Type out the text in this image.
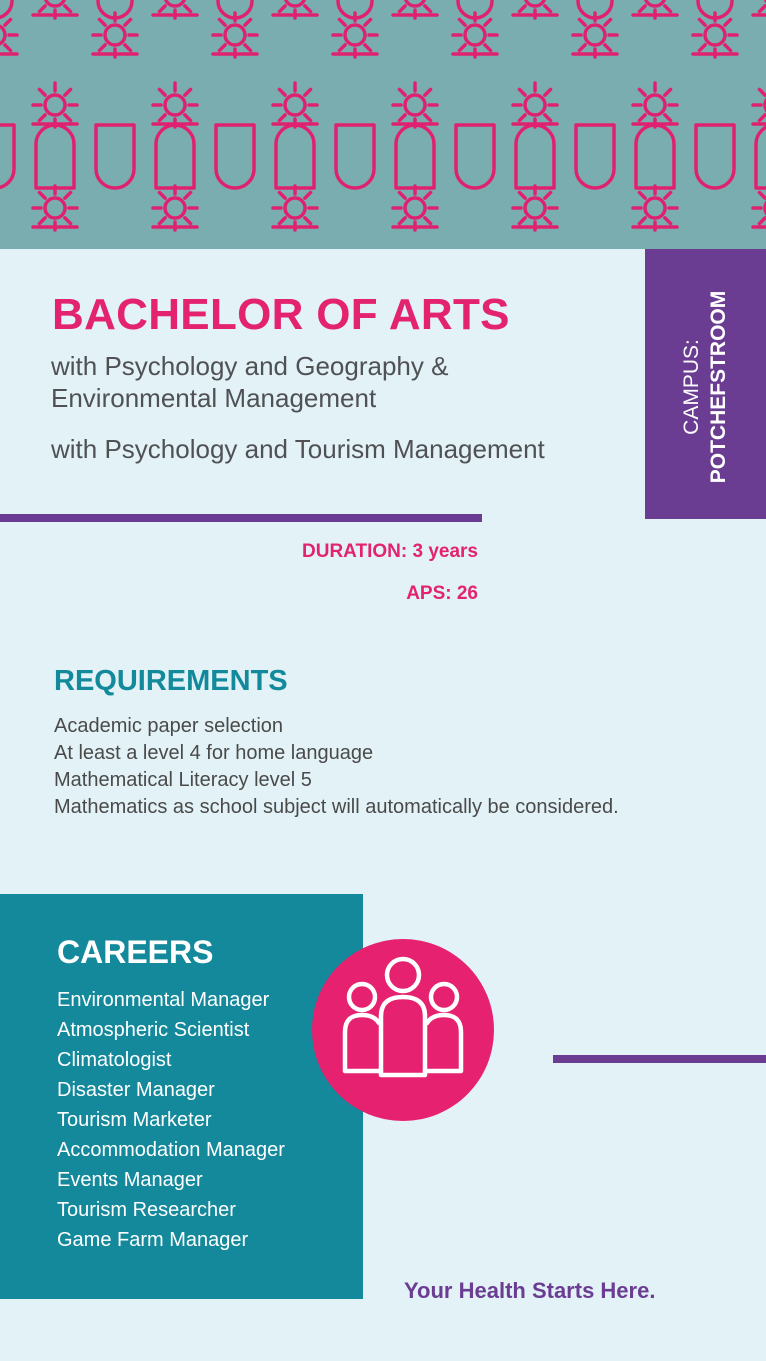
BACHELOR OF ARTS

with Psychology and Geography & Environmental Management

with Psychology and Tourism Management

CAMPUS: POTCHEFSTROOM

DURATION: 3 years

APS: 26

REQUIREMENTS
Academic paper selection
At least a level 4 for home language
Mathematical Literacy level 5
Mathematics as school subject will automatically be considered.
CAREERS
Environmental Manager
Atmospheric Scientist
Climatologist
Disaster Manager
Tourism Marketer
Accommodation Manager
Events Manager
Tourism Researcher
Game Farm Manager

Your Health Starts Here.
